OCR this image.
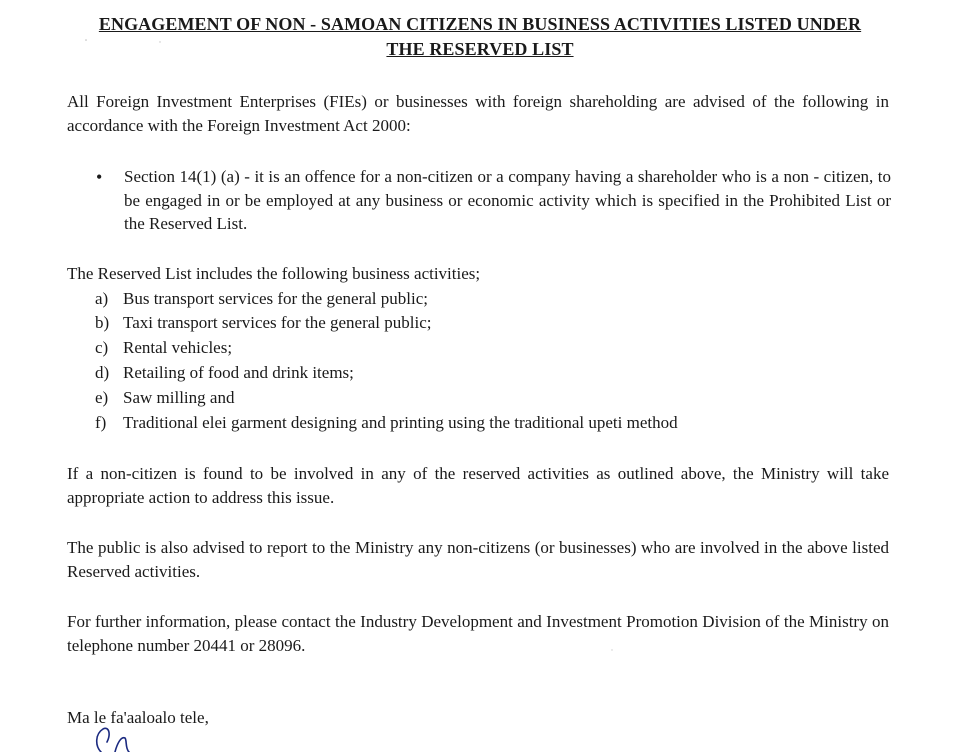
ENGAGEMENT OF NON - SAMOAN CITIZENS IN BUSINESS ACTIVITIES LISTED UNDER
THE RESERVED LIST
All Foreign Investment Enterprises (FIEs) or businesses with foreign shareholding are advised of the following in accordance with the Foreign Investment Act 2000:
• Section 14(1) (a) - it is an offence for a non-citizen or a company having a shareholder who is a non - citizen, to be engaged in or be employed at any business or economic activity which is specified in the Prohibited List or the Reserved List.
The Reserved List includes the following business activities;
a) Bus transport services for the general public;
b) Taxi transport services for the general public;
c) Rental vehicles;
d) Retailing of food and drink items;
e) Saw milling and
f) Traditional elei garment designing and printing using the traditional upeti method
If a non-citizen is found to be involved in any of the reserved activities as outlined above, the Ministry will take appropriate action to address this issue.
The public is also advised to report to the Ministry any non-citizens (or businesses) who are involved in the above listed Reserved activities.
For further information, please contact the Industry Development and Investment Promotion Division of the Ministry on telephone number 20441 or 28096.
Ma le fa'aaloalo tele,
